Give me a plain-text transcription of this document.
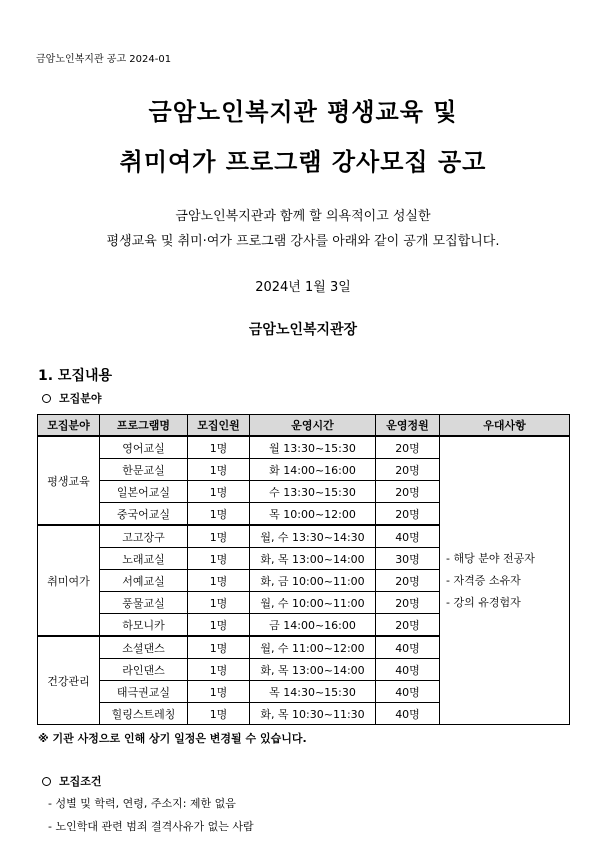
금암노인복지관 공고 2024-01
금암노인복지관 평생교육 및
취미여가 프로그램 강사모집 공고
금암노인복지관과 함께 할 의욕적이고 성실한
평생교육 및 취미·여가 프로그램 강사를 아래와 같이 공개 모집합니다.
2024년 1월 3일
금암노인복지관장
1. 모집내용
모집분야
모집분야	프로그램명	모집인원	운영시간	운영정원	우대사항
평생교육	영어교실	1명	월 13:30~15:30	20명	- 해당 분야 전공자
- 자격증 소유자
- 강의 유경험자

	한문교실	1명	화 14:00~16:00	20명	
	일본어교실	1명	수 13:30~15:30	20명	
	중국어교실	1명	목 10:00~12:00	20명	
취미여가	고고장구	1명	월, 수 13:30~14:30	40명	
	노래교실	1명	화, 목 13:00~14:00	30명	
	서예교실	1명	화, 금 10:00~11:00	20명	
	풍물교실	1명	월, 수 10:00~11:00	20명	
	하모니카	1명	금 14:00~16:00	20명	
건강관리	소셜댄스	1명	월, 수 11:00~12:00	40명	
	라인댄스	1명	화, 목 13:00~14:00	40명	
	태극권교실	1명	목 14:30~15:30	40명	
	힐링스트레칭	1명	화, 목 10:30~11:30	40명	
※ 기관 사정으로 인해 상기 일정은 변경될 수 있습니다.
모집조건
- 성별 및 학력, 연령, 주소지: 제한 없음
- 노인학대 관련 범죄 결격사유가 없는 사람
